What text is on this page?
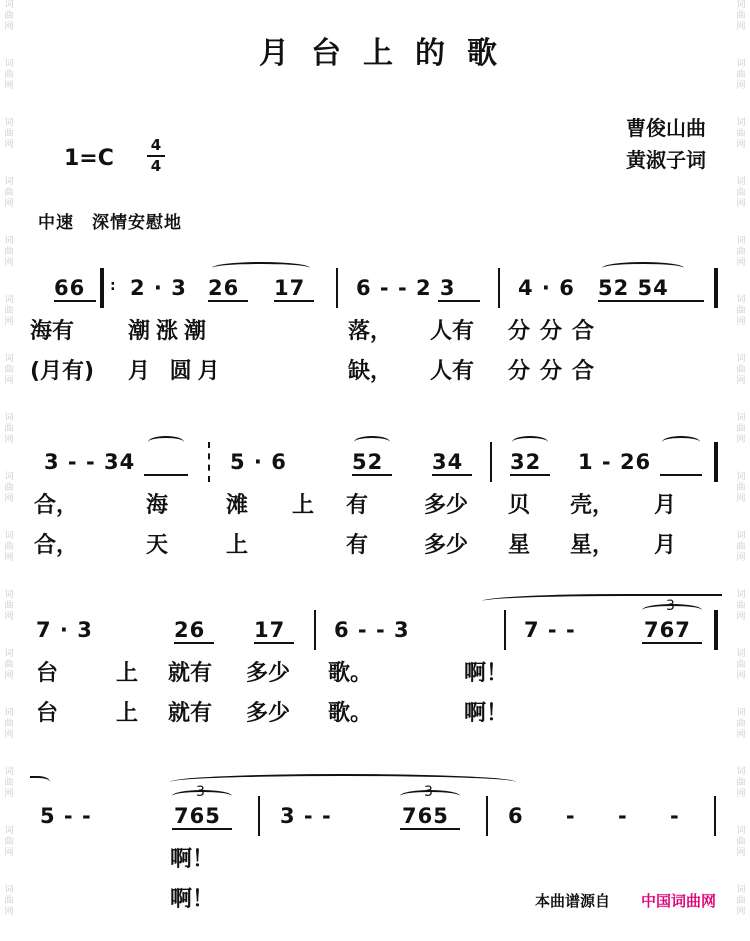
词
曲
网
词
曲
网
词
曲
网
词
曲
网
词
曲
网
词
曲
网
词
曲
网
词
曲
网
词
曲
网
词
曲
网
词
曲
网
词
曲
网
词
曲
网
词
曲
网
词
曲
网
词
曲
网
词
曲
网
词
曲
网
词
曲
网
词
曲
网
词
曲
网
词
曲
网
词
曲
网
词
曲
网
词
曲
网
词
曲
网
词
曲
网
词
曲
网
词
曲
网
词
曲
网
词
曲
网
词
曲
网
月台上的歌
曹俊山曲
黄淑子词
1=C
4
4
中速　深情安慰地
66 : 2 · 3 26 17 6 - - 2 3	4 · 6 52 54
海有 潮涨潮	落， 人有 分分合
(月有) 月 圆月	缺， 人有 分分合
3 - - 34	5 · 6	52 34 32 1 - 26
合，	海	滩 上 有	多少 贝 壳， 月
合，	天	上	有	多少 星 星， 月
7 · 3	26 17 6 - - 3	7 - -	767
3
台	上 就有 多少 歌。	啊！
台	上 就有 多少 歌。	啊！
5 - -	765
3
3 - -	765
3
6 - - -
啊！
啊！	本曲谱源自 中国词曲网
